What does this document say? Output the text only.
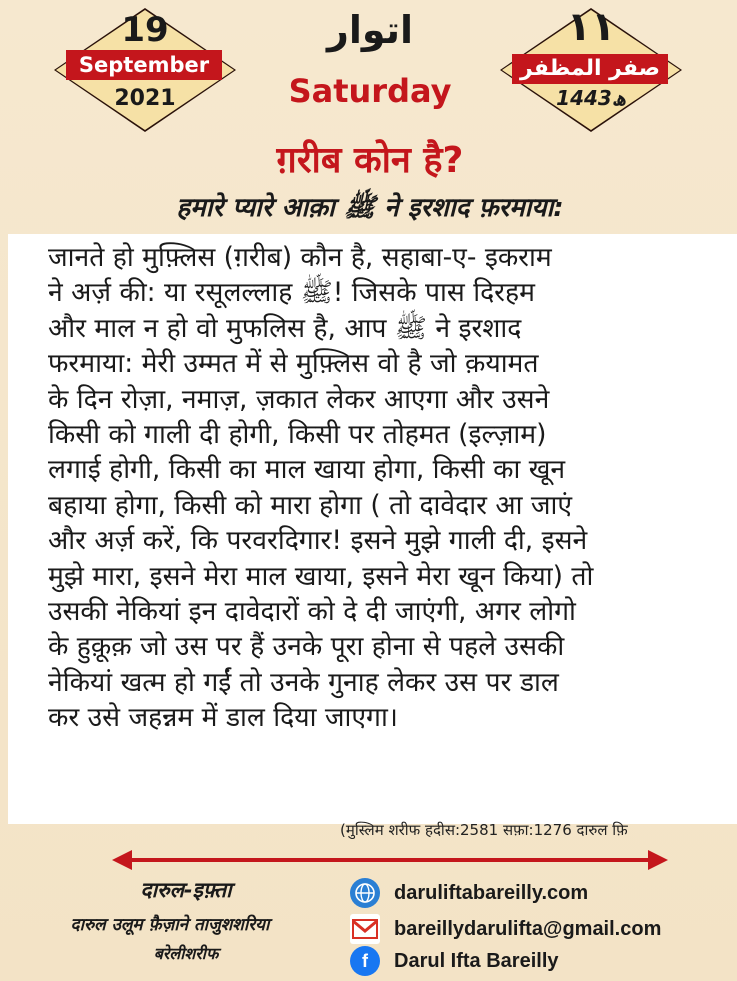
19
September
2021
۱۱
صفر المظفر
1443ھ
اتوار
Saturday
ग़रीब कोन है?
हमारे प्यारे आक़ा ﷺ ने इरशाद फ़रमाया:
जानते हो मुफ़्लिस (ग़रीब) कौन है, सहाबा-ए- इकराम
ने अर्ज़ की: या रसूलल्लाह ﷺ! जिसके पास दिरहम
और माल न हो वो मुफलिस है, आप ﷺ ने इरशाद
फरमाया: मेरी उम्मत में से मुफ़्लिस वो है जो क़यामत
के दिन रोज़ा, नमाज़, ज़कात लेकर आएगा और उसने
किसी को गाली दी होगी, किसी पर तोहमत (इल्ज़ाम)
लगाई होगी, किसी का माल खाया होगा, किसी का खून
बहाया होगा, किसी को मारा होगा ( तो दावेदार आ जाएं
और अर्ज़ करें, कि परवरदिगार! इसने मुझे गाली दी, इसने
मुझे मारा, इसने मेरा माल खाया, इसने मेरा खून किया) तो
उसकी नेकियां इन दावेदारों को दे दी जाएंगी, अगर लोगो
के हुक़ूक़ जो उस पर हैं उनके पूरा होना से पहले उसकी
नेकियां खत्म हो गईं तो उनके गुनाह लेकर उस पर डाल
कर उसे जहन्नम में डाल दिया जाएगा।
(मुस्लिम शरीफ हदीस:2581 सफ़ा:1276 दारुल फ़ि
दारुल-इफ़्ता
दारुल उलूम फ़ैज़ाने ताजुशशरिया
बरेलीशरीफ
daruliftabareilly.com
bareillydarulifta@gmail.com
f	Darul Ifta Bareilly
